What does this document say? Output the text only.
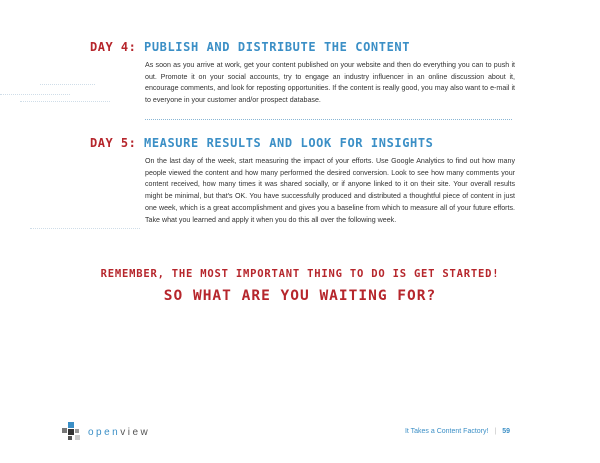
DAY 4: PUBLISH AND DISTRIBUTE THE CONTENT
As soon as you arrive at work, get your content published on your website and then do everything you can to push it out. Promote it on your social accounts, try to engage an industry influencer in an online discussion about it, encourage comments, and look for reposting opportunities. If the content is really good, you may also want to e-mail it to everyone in your customer and/or prospect database.
DAY 5: MEASURE RESULTS AND LOOK FOR INSIGHTS
On the last day of the week, start measuring the impact of your efforts. Use Google Analytics to find out how many people viewed the content and how many performed the desired conversion. Look to see how many comments your content received, how many times it was shared socially, or if anyone linked to it on their site. Your overall results might be minimal, but that's OK. You have successfully produced and distributed a thoughtful piece of content in just one week, which is a great accomplishment and gives you a baseline from which to measure all of your future efforts. Take what you learned and apply it when you do this all over the following week.
REMEMBER, THE MOST IMPORTANT THING TO DO IS GET STARTED!
SO WHAT ARE YOU WAITING FOR?
openview	It Takes a Content Factory! | 59
